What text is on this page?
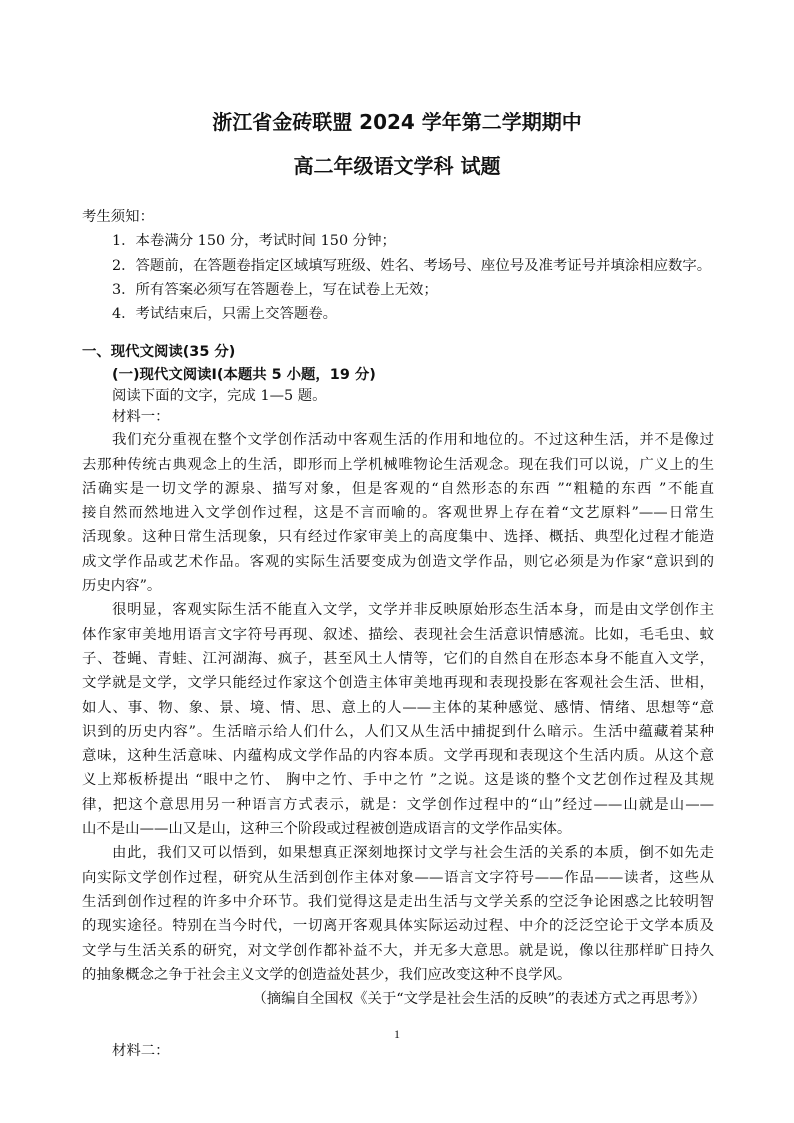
浙江省金砖联盟 2024 学年第二学期期中
高二年级语文学科 试题
考生须知：
1．本卷满分 150 分，考试时间 150 分钟；
2．答题前，在答题卷指定区域填写班级、姓名、考场号、座位号及准考证号并填涂相应数字。
3．所有答案必须写在答题卷上，写在试卷上无效；
4．考试结束后，只需上交答题卷。
一、现代文阅读(35 分)
(一)现代文阅读Ⅰ(本题共 5 小题，19 分)
阅读下面的文字，完成 1—5 题。
材料一：
我们充分重视在整个文学创作活动中客观生活的作用和地位的。不过这种生活，并不是像过
去那种传统古典观念上的生活，即形而上学机械唯物论生活观念。现在我们可以说，广义上的生
活确实是一切文学的源泉、描写对象，但是客观的“自然形态的东西 ”“粗糙的东西 ”不能直
接自然而然地进入文学创作过程，这是不言而喻的。客观世界上存在着“文艺原料”——日常生
活现象。这种日常生活现象，只有经过作家审美上的高度集中、选择、概括、典型化过程才能造
成文学作品或艺术作品。客观的实际生活要变成为创造文学作品，则它必须是为作家“意识到的
历史内容”。
很明显，客观实际生活不能直入文学，文学并非反映原始形态生活本身，而是由文学创作主
体作家审美地用语言文字符号再现、叙述、描绘、表现社会生活意识情感流。比如，毛毛虫、蚊
子、苍蝇、青蛙、江河湖海、疯子，甚至风土人情等，它们的自然自在形态本身不能直入文学，
文学就是文学，文学只能经过作家这个创造主体审美地再现和表现投影在客观社会生活、世相，
如人、事、物、象、景、境、情、思、意上的人——主体的某种感觉、感情、情绪、思想等“意
识到的历史内容”。生活暗示给人们什么，人们又从生活中捕捉到什么暗示。生活中蕴藏着某种
意味，这种生活意味、内蕴构成文学作品的内容本质。文学再现和表现这个生活内质。从这个意
义上郑板桥提出 “眼中之竹、 胸中之竹、手中之竹 ”之说。这是谈的整个文艺创作过程及其规
律，把这个意思用另一种语言方式表示，就是：文学创作过程中的“山”经过——山就是山——
山不是山——山又是山，这种三个阶段或过程被创造成语言的文学作品实体。
由此，我们又可以悟到，如果想真正深刻地探讨文学与社会生活的关系的本质，倒不如先走
向实际文学创作过程，研究从生活到创作主体对象——语言文字符号——作品——读者，这些从
生活到创作过程的许多中介环节。我们觉得这是走出生活与文学关系的空泛争论困惑之比较明智
的现实途径。特别在当今时代，一切离开客观具体实际运动过程、中介的泛泛空论于文学本质及
文学与生活关系的研究，对文学创作都补益不大，并无多大意思。就是说，像以往那样旷日持久
的抽象概念之争于社会主义文学的创造益处甚少，我们应改变这种不良学风。
（摘编自全国权《关于“文学是社会生活的反映”的表述方式之再思考》）
材料二：
1
